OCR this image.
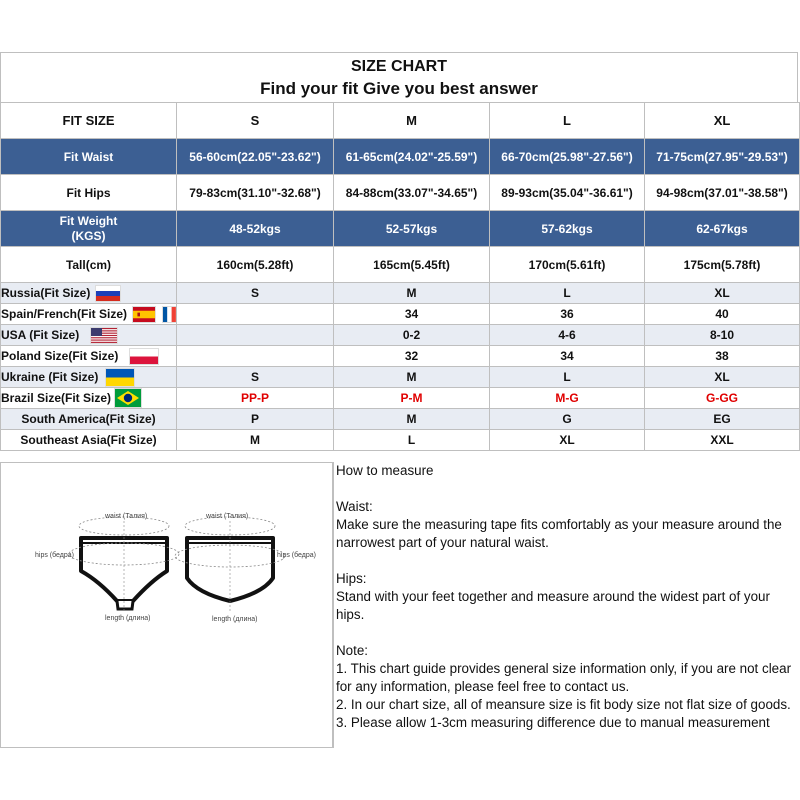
SIZE CHART
Find your fit Give you best answer
FIT SIZE	S	M	L	XL
Fit Waist	56-60cm(22.05"-23.62")	61-65cm(24.02"-25.59")	66-70cm(25.98"-27.56")	71-75cm(27.95"-29.53")
Fit Hips	79-83cm(31.10"-32.68")	84-88cm(33.07"-34.65")	89-93cm(35.04"-36.61")	94-98cm(37.01"-38.58")

Fit Weight
(KGS)	48-52kgs	52-57kgs	57-62kgs	62-67kgs
Tall(cm)	160cm(5.28ft)	165cm(5.45ft)	170cm(5.61ft)	175cm(5.78ft)

Russia(Fit Size)	S	M	L	XL

Spain/French(Fit Size)		34	36	40

USA (Fit Size)		0-2	4-6	8-10

Poland Size(Fit Size)		32	34	38

Ukraine (Fit Size)	S	M	L	XL

Brazil Size(Fit Size)	PP-P	P-M	M-G	G-GG
South America(Fit Size)	P	M	G	EG
Southeast Asia(Fit Size)	M	L	XL	XXL
waist (Талия)	waist (Талия)
hips (бедра)	hips (бедра)
length (длина)	length (длина)

How to measure

Waist:

Make sure the measuring tape fits comfortably as your measure around the narrowest part of your natural waist.

Hips:

Stand with your feet together and measure around the widest part of your hips.

Note:

1. This chart guide provides general size information only, if you are not clear for any information, please feel free to contact us.

2. In our chart size, all of meansure size is fit body size not flat size of goods.

3. Please allow 1-3cm measuring difference due to manual measurement
